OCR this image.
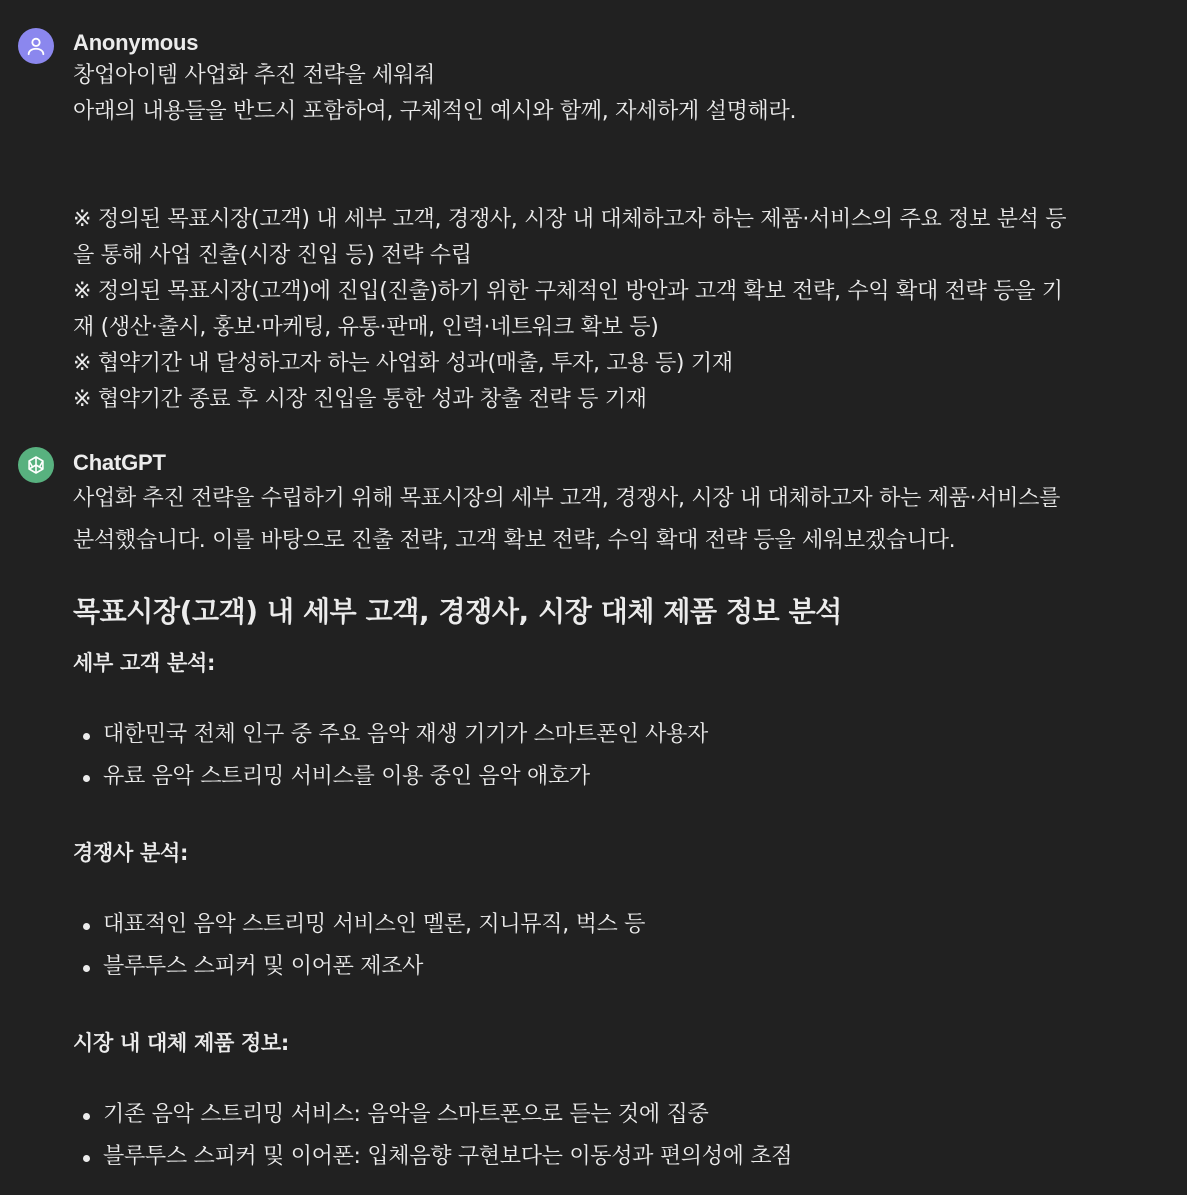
Anonymous

창업아이템 사업화 추진 전략을 세워줘

아래의 내용들을 반드시 포함하여, 구체적인 예시와 함께, 자세하게 설명해라.

※ 정의된 목표시장(고객) 내 세부 고객, 경쟁사, 시장 내 대체하고자 하는 제품·서비스의 주요 정보 분석 등

을 통해 사업 진출(시장 진입 등) 전략 수립

※ 정의된 목표시장(고객)에 진입(진출)하기 위한 구체적인 방안과 고객 확보 전략, 수익 확대 전략 등을 기

재 (생산·출시, 홍보·마케팅, 유통·판매, 인력·네트워크 확보 등)

※ 협약기간 내 달성하고자 하는 사업화 성과(매출, 투자, 고용 등) 기재

※ 협약기간 종료 후 시장 진입을 통한 성과 창출 전략 등 기재

ChatGPT

사업화 추진 전략을 수립하기 위해 목표시장의 세부 고객, 경쟁사, 시장 내 대체하고자 하는 제품·서비스를

분석했습니다. 이를 바탕으로 진출 전략, 고객 확보 전략, 수익 확대 전략 등을 세워보겠습니다.

목표시장(고객) 내 세부 고객, 경쟁사, 시장 대체 제품 정보 분석

세부 고객 분석:

대한민국 전체 인구 중 주요 음악 재생 기기가 스마트폰인 사용자
유료 음악 스트리밍 서비스를 이용 중인 음악 애호가

경쟁사 분석:

대표적인 음악 스트리밍 서비스인 멜론, 지니뮤직, 벅스 등
블루투스 스피커 및 이어폰 제조사

시장 내 대체 제품 정보:

기존 음악 스트리밍 서비스: 음악을 스마트폰으로 듣는 것에 집중
블루투스 스피커 및 이어폰: 입체음향 구현보다는 이동성과 편의성에 초점
